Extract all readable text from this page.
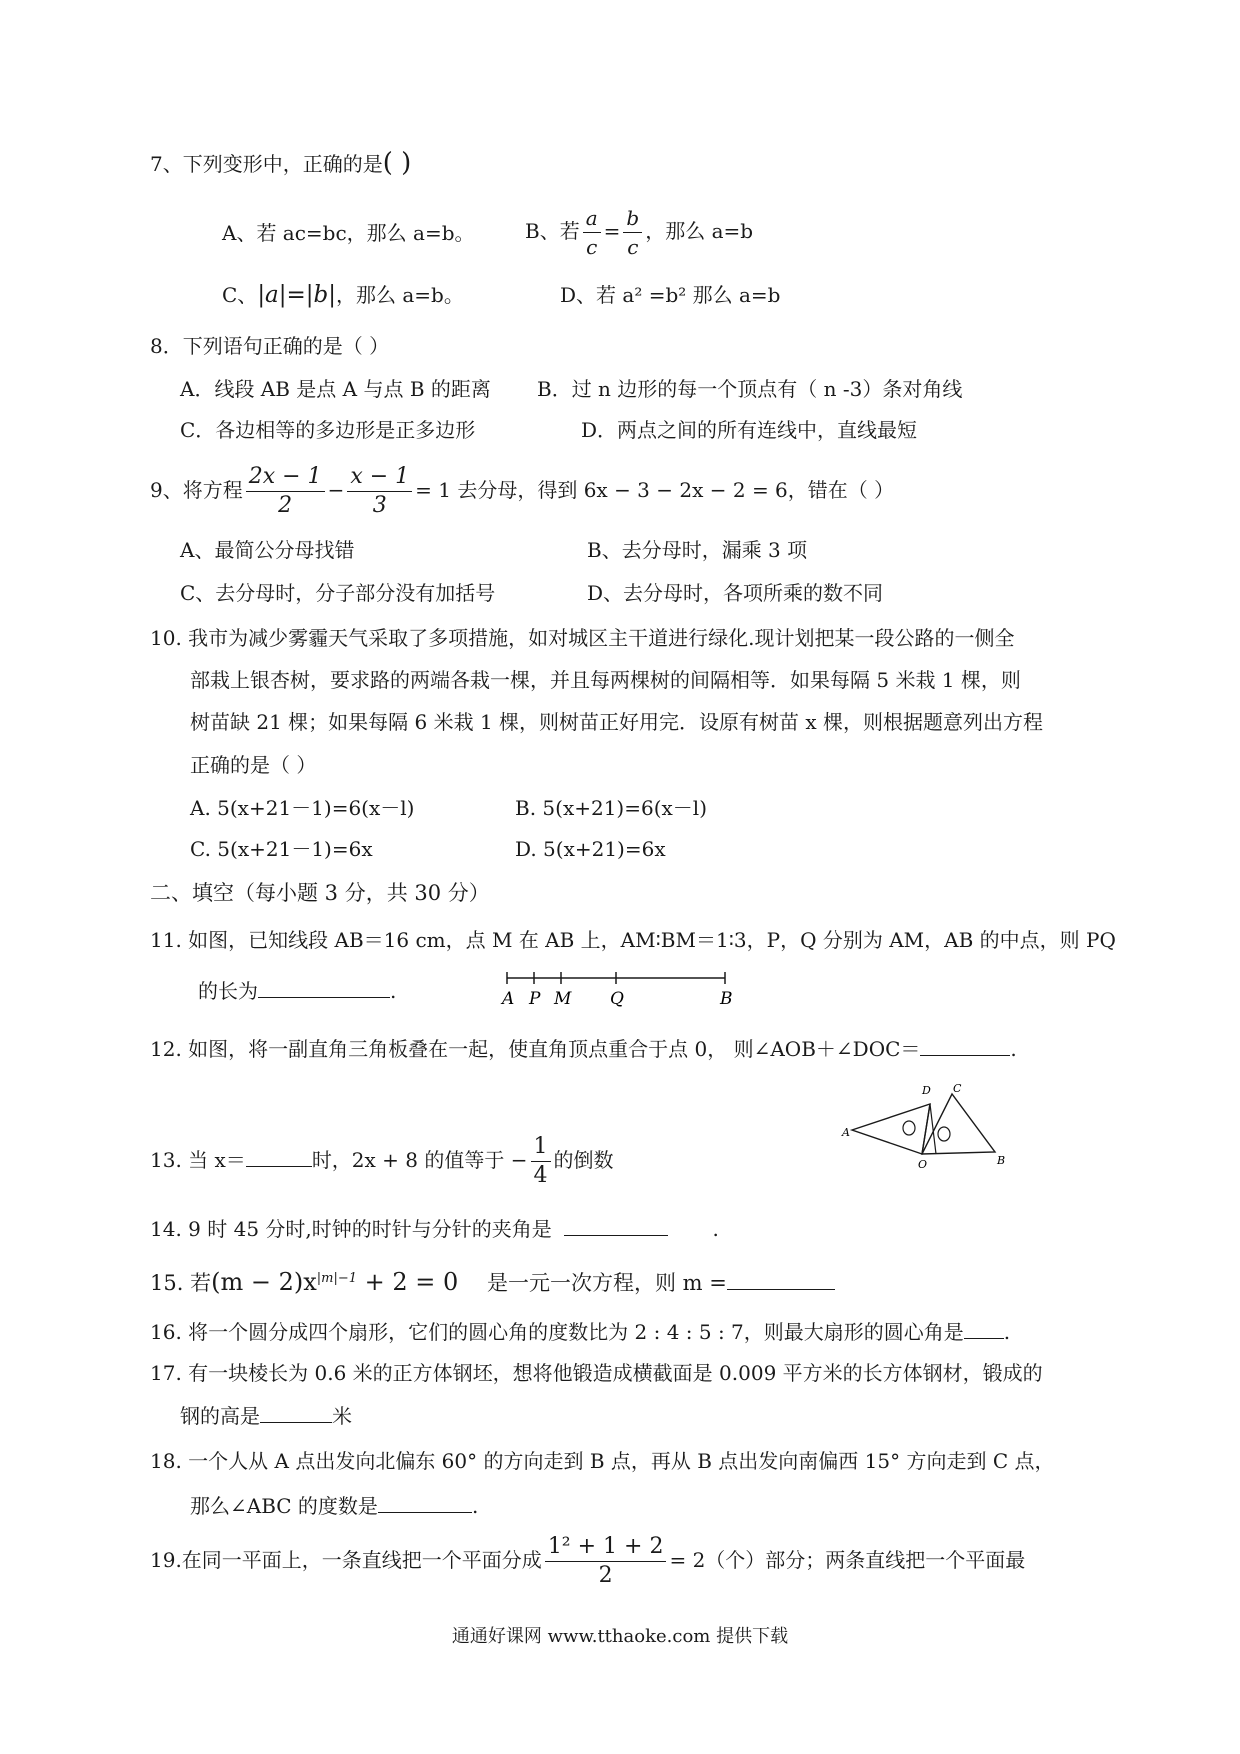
7、下列变形中，正确的是( )
A、若 ac=bc，那么 a=b。	B、若 $\frac{a}{c} = \frac{b}{c}$ ，那么 a=b
C、|a|=|b|，那么 a=b。	D、若 a² =b² 那么 a=b
8．下列语句正确的是（ ）
A．线段 AB 是点 A 与点 B 的距离 B．过 n 边形的每一个顶点有（ n -3）条对角线
C．各边相等的多边形是正多边形	D．两点之间的所有连线中，直线最短
9、将方程 $\frac{2x - 1}{2} - \frac{x - 1}{3} = 1$ 去分母，得到 6x − 3 − 2x − 2 = 6，错在（ ）
A、最简公分母找错	B、去分母时，漏乘 3 项
C、去分母时，分子部分没有加括号	D、去分母时，各项所乘的数不同
10. 我市为减少雾霾天气采取了多项措施，如对城区主干道进行绿化.现计划把某一段公路的一侧全
部栽上银杏树，要求路的两端各栽一棵，并且每两棵树的间隔相等．如果每隔 5 米栽 1 棵，则
树苗缺 21 棵；如果每隔 6 米栽 1 棵，则树苗正好用完．设原有树苗 x 棵，则根据题意列出方程
正确的是（ ）
A. 5(x+21－1)=6(x－l)	B. 5(x+21)=6(x－l)
C. 5(x+21－1)=6x	D. 5(x+21)=6x
二、填空（每小题 3 分，共 30 分）
11. 如图，已知线段 AB＝16 cm，点 M 在 AB 上，AM∶BM＝1∶3，P，Q 分别为 AM，AB 的中点，则 PQ
的长为	.	A P M Q	B
12. 如图，将一副直角三角板叠在一起，使直角顶点重合于点 0， 则∠AOB＋∠DOC＝	.
D C
A
O	B
13. 当 x＝	时，2x + 8 的值等于 − $\frac{1}{4}$ 的倒数
14. 9 时 45 分时,时钟的时针与分针的夹角是	.
15. 若$(m - 2)x^{|m|-1} + 2 = 0$ 是一元一次方程，则 m =
16. 将一个圆分成四个扇形，它们的圆心角的度数比为 2 : 4 : 5 : 7，则最大扇形的圆心角是 .
17. 有一块棱长为 0.6 米的正方体钢坯，想将他锻造成横截面是 0.009 平方米的长方体钢材，锻成的
钢的高是	米
18. 一个人从 A 点出发向北偏东 60° 的方向走到 B 点，再从 B 点出发向南偏西 15° 方向走到 C 点，
那么∠ABC 的度数是	.
19.在同一平面上，一条直线把一个平面分成 $\frac{\text{1² + 1 + 2}}{2} = 2$（个）部分；两条直线把一个平面最
通通好课网 www.tthaoke.com 提供下载
